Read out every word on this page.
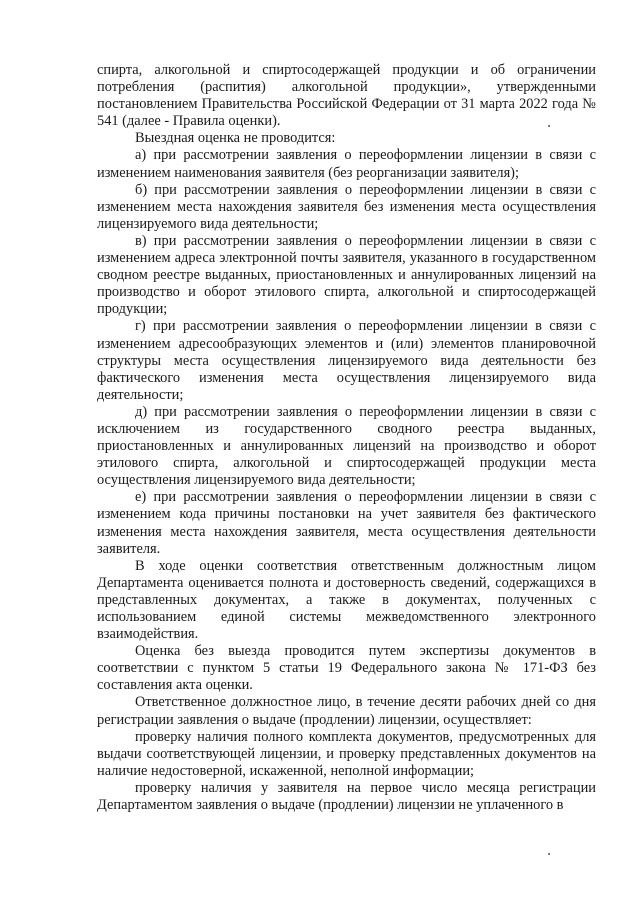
спирта, алкогольной и спиртосодержащей продукции и об ограничении потребления (распития) алкогольной продукции», утвержденными постановлением Правительства Российской Федерации от 31 марта 2022 года № 541 (далее - Правила оценки).

Выездная оценка не проводится:

а) при рассмотрении заявления о переоформлении лицензии в связи с изменением наименования заявителя (без реорганизации заявителя);

б) при рассмотрении заявления о переоформлении лицензии в связи с изменением места нахождения заявителя без изменения места осуществления лицензируемого вида деятельности;

в) при рассмотрении заявления о переоформлении лицензии в связи с изменением адреса электронной почты заявителя, указанного в государственном сводном реестре выданных, приостановленных и аннулированных лицензий на производство и оборот этилового спирта, алкогольной и спиртосодержащей продукции;

г) при рассмотрении заявления о переоформлении лицензии в связи с изменением адресообразующих элементов и (или) элементов планировочной структуры места осуществления лицензируемого вида деятельности без фактического изменения места осуществления лицензируемого вида деятельности;

д) при рассмотрении заявления о переоформлении лицензии в связи с исключением из государственного сводного реестра выданных, приостановленных и аннулированных лицензий на производство и оборот этилового спирта, алкогольной и спиртосодержащей продукции места осуществления лицензируемого вида деятельности;

е) при рассмотрении заявления о переоформлении лицензии в связи с изменением кода причины постановки на учет заявителя без фактического изменения места нахождения заявителя, места осуществления деятельности заявителя.

В ходе оценки соответствия ответственным должностным лицом Департамента оценивается полнота и достоверность сведений, содержащихся в представленных документах, а также в документах, полученных с использованием единой системы межведомственного электронного взаимодействия.

Оценка без выезда проводится путем экспертизы документов в соответствии с пунктом 5 статьи 19 Федерального закона № 171-ФЗ без составления акта оценки.

Ответственное должностное лицо, в течение десяти рабочих дней со дня регистрации заявления о выдаче (продлении) лицензии, осуществляет:

проверку наличия полного комплекта документов, предусмотренных для выдачи соответствующей лицензии, и проверку представленных документов на наличие недостоверной, искаженной, неполной информации;

проверку наличия у заявителя на первое число месяца регистрации Департаментом заявления о выдаче (продлении) лицензии не уплаченного в
